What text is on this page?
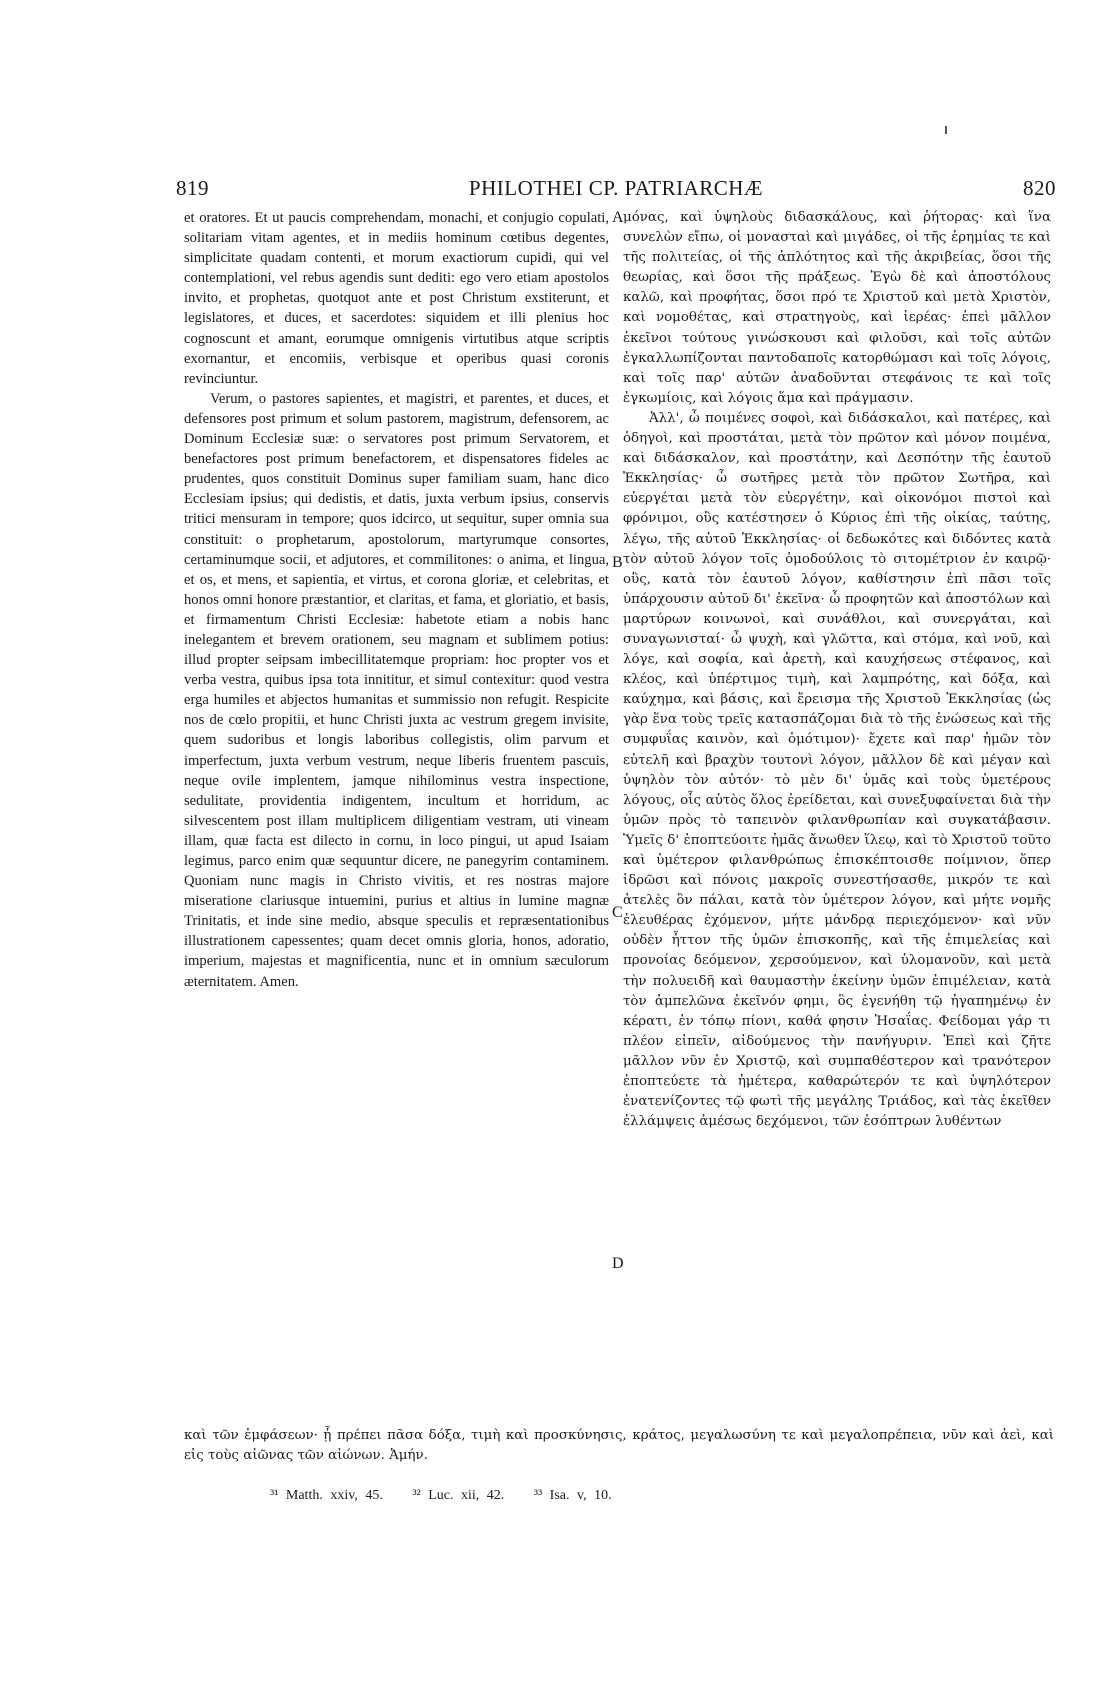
819	PHILOTHEI CP. PATRIARCHÆ	820

et oratores. Et ut paucis comprehendam, monachi, et conjugio copulati, solitariam vitam agentes, et in mediis hominum cœtibus degentes, simplicitate quadam contenti, et morum exactiorum cupidi, qui vel contemplationi, vel rebus agendis sunt dediti: ego vero etiam apostolos invito, et prophetas, quotquot ante et post Christum exstiterunt, et legislatores, et duces, et sacerdotes: siquidem et illi plenius hoc cognoscunt et amant, eorumque omnigenis virtutibus atque scriptis exornantur, et encomiis, verbisque et operibus quasi coronis revinciuntur.

Verum, o pastores sapientes, et magistri, et parentes, et duces, et defensores post primum et solum pastorem, magistrum, defensorem, ac Dominum Ecclesiæ suæ: o servatores post primum Servatorem, et benefactores post primum benefactorem, et dispensatores fideles ac prudentes, quos constituit Dominus super familiam suam, hanc dico Ecclesiam ipsius; qui dedistis, et datis, juxta verbum ipsius, conservis tritici mensuram in tempore; quos idcirco, ut sequitur, super omnia sua constituit: o prophetarum, apostolorum, martyrumque consortes, certaminumque socii, et adjutores, et commilitones: o anima, et lingua, et os, et mens, et sapientia, et virtus, et corona gloriæ, et celebritas, et honos omni honore præstantior, et claritas, et fama, et gloriatio, et basis, et firmamentum Christi Ecclesiæ: habetote etiam a nobis hanc inelegantem et brevem orationem, seu magnam et sublimem potius: illud propter seipsam imbecillitatemque propriam: hoc propter vos et verba vestra, quibus ipsa tota innititur, et simul contexitur: quod vestra erga humiles et abjectos humanitas et summissio non refugit. Respicite nos de cœlo propitii, et hunc Christi juxta ac vestrum gregem invisite, quem sudoribus et longis laboribus collegistis, olim parvum et imperfectum, juxta verbum vestrum, neque liberis fruentem pascuis, neque ovile implentem, jamque nihilominus vestra inspectione, sedulitate, providentia indigentem, incultum et horridum, ac silvescentem post illam multiplicem diligentiam vestram, uti vineam illam, quæ facta est dilecto in cornu, in loco pingui, ut apud Isaiam legimus, parco enim quæ sequuntur dicere, ne panegyrim contaminem. Quoniam nunc magis in Christo vivitis, et res nostras majore miseratione clariusque intuemini, purius et altius in lumine magnæ Trinitatis, et inde sine medio, absque speculis et repræsentationibus illustrationem capessentes; quam decet omnis gloria, honos, adoratio, imperium, majestas et magnificentia, nunc et in omnium sæculorum æternitatem. Amen.

μόνας, καὶ ὑψηλοὺς διδασκάλους, καὶ ῥήτορας· καὶ ἵνα συνελὼν εἴπω, οἱ μονασταὶ καὶ μιγάδες, οἱ τῆς ἐρημίας τε καὶ τῆς πολιτείας, οἱ τῆς ἁπλότητος καὶ τῆς ἀκριβείας, ὅσοι τῆς θεωρίας, καὶ ὅσοι τῆς πράξεως. Ἐγὼ δὲ καὶ ἀποστόλους καλῶ, καὶ προφήτας, ὅσοι πρό τε Χριστοῦ καὶ μετὰ Χριστὸν, καὶ νομοθέτας, καὶ στρατηγοὺς, καὶ ἱερέας· ἐπεὶ μᾶλλον ἐκεῖνοι τούτους γινώσκουσι καὶ φιλοῦσι, καὶ τοῖς αὐτῶν ἐγκαλλωπίζονται παντοδαποῖς κατορθώμασι καὶ τοῖς λόγοις, καὶ τοῖς παρ' αὐτῶν ἀναδοῦνται στεφάνοις τε καὶ τοῖς ἐγκωμίοις, καὶ λόγοις ἅμα καὶ πράγμασιν.

Ἀλλ', ὦ ποιμένες σοφοὶ, καὶ διδάσκαλοι, καὶ πατέρες, καὶ ὁδηγοὶ, καὶ προστάται, μετὰ τὸν πρῶτον καὶ μόνον ποιμένα, καὶ διδάσκαλον, καὶ προστάτην, καὶ Δεσπότην τῆς ἑαυτοῦ Ἐκκλησίας· ὦ σωτῆρες μετὰ τὸν πρῶτον Σωτῆρα, καὶ εὐεργέται μετὰ τὸν εὐεργέτην, καὶ οἰκονόμοι πιστοὶ καὶ φρόνιμοι, οὓς κατέστησεν ὁ Κύριος ἐπὶ τῆς οἰκίας, ταύτης, λέγω, τῆς αὐτοῦ Ἐκκλησίας· οἱ δεδωκότες καὶ διδόντες κατὰ τὸν αὐτοῦ λόγον τοῖς ὁμοδούλοις τὸ σιτομέτριον ἐν καιρῷ· οὓς, κατὰ τὸν ἑαυτοῦ λόγον, καθίστησιν ἐπὶ πᾶσι τοῖς ὑπάρχουσιν αὐτοῦ δι' ἐκεῖνα· ὦ προφητῶν καὶ ἀποστόλων καὶ μαρτύρων κοινωνοὶ, καὶ συνάθλοι, καὶ συνεργάται, καὶ συναγωνισταί· ὦ ψυχὴ, καὶ γλῶττα, καὶ στόμα, καὶ νοῦ, καὶ λόγε, καὶ σοφία, καὶ ἀρετὴ, καὶ καυχήσεως στέφανος, καὶ κλέος, καὶ ὑπέρτιμος τιμὴ, καὶ λαμπρότης, καὶ δόξα, καὶ καύχημα, καὶ βάσις, καὶ ἔρεισμα τῆς Χριστοῦ Ἐκκλησίας (ὡς γὰρ ἕνα τοὺς τρεῖς κατασπάζομαι διὰ τὸ τῆς ἑνώσεως καὶ τῆς συμφυΐας καινὸν, καὶ ὁμότιμον)· ἔχετε καὶ παρ' ἡμῶν τὸν εὐτελῆ καὶ βραχὺν τουτονὶ λόγον, μᾶλλον δὲ καὶ μέγαν καὶ ὑψηλὸν τὸν αὐτόν· τὸ μὲν δι' ὑμᾶς καὶ τοὺς ὑμετέρους λόγους, οἷς αὐτὸς ὅλος ἐρείδεται, καὶ συνεξυφαίνεται διὰ τὴν ὑμῶν πρὸς τὸ ταπεινὸν φιλανθρωπίαν καὶ συγκατάβασιν. Ὑμεῖς δ' ἐποπτεύοιτε ἡμᾶς ἄνωθεν ἵλεῳ, καὶ τὸ Χριστοῦ τοῦτο καὶ ὑμέτερον φιλανθρώπως ἐπισκέπτοισθε ποίμνιον, ὅπερ ἱδρῶσι καὶ πόνοις μακροῖς συνεστήσασθε, μικρόν τε καὶ ἀτελὲς ὂν πάλαι, κατὰ τὸν ὑμέτερον λόγον, καὶ μήτε νομῆς ἐλευθέρας ἐχόμενον, μήτε μάνδρᾳ περιεχόμενον· καὶ νῦν οὐδὲν ἧττον τῆς ὑμῶν ἐπισκοπῆς, καὶ τῆς ἐπιμελείας καὶ προνοίας δεόμενον, χερσούμενον, καὶ ὑλομανοῦν, καὶ μετὰ τὴν πολυειδῆ καὶ θαυμαστὴν ἐκείνην ὑμῶν ἐπιμέλειαν, κατὰ τὸν ἀμπελῶνα ἐκεῖνόν φημι, ὃς ἐγενήθη τῷ ἠγαπημένῳ ἐν κέρατι, ἐν τόπῳ πίονι, καθά φησιν Ἡσαΐας. Φείδομαι γάρ τι πλέον εἰπεῖν, αἰδούμενος τὴν πανήγυριν. Ἐπεὶ καὶ ζῆτε μᾶλλον νῦν ἐν Χριστῷ, καὶ συμπαθέστερον καὶ τρανότερον ἐποπτεύετε τὰ ἡμέτερα, καθαρώτερόν τε καὶ ὑψηλότερον ἐνατενίζοντες τῷ φωτὶ τῆς μεγάλης Τριάδος, καὶ τὰς ἐκεῖθεν ἐλλάμψεις ἀμέσως δεχόμενοι, τῶν ἐσόπτρων λυθέντων

A
B
C
D
καὶ τῶν ἐμφάσεων· ᾗ πρέπει πᾶσα δόξα, τιμὴ καὶ προσκύνησις, κράτος, μεγαλωσύνη τε καὶ μεγαλοπρέπεια, νῦν καὶ ἀεὶ, καὶ εἰς τοὺς αἰῶνας τῶν αἰώνων. Ἀμήν.
³¹ Matth. xxiv, 45. ³² Luc. xii, 42. ³³ Isa. v, 10.
